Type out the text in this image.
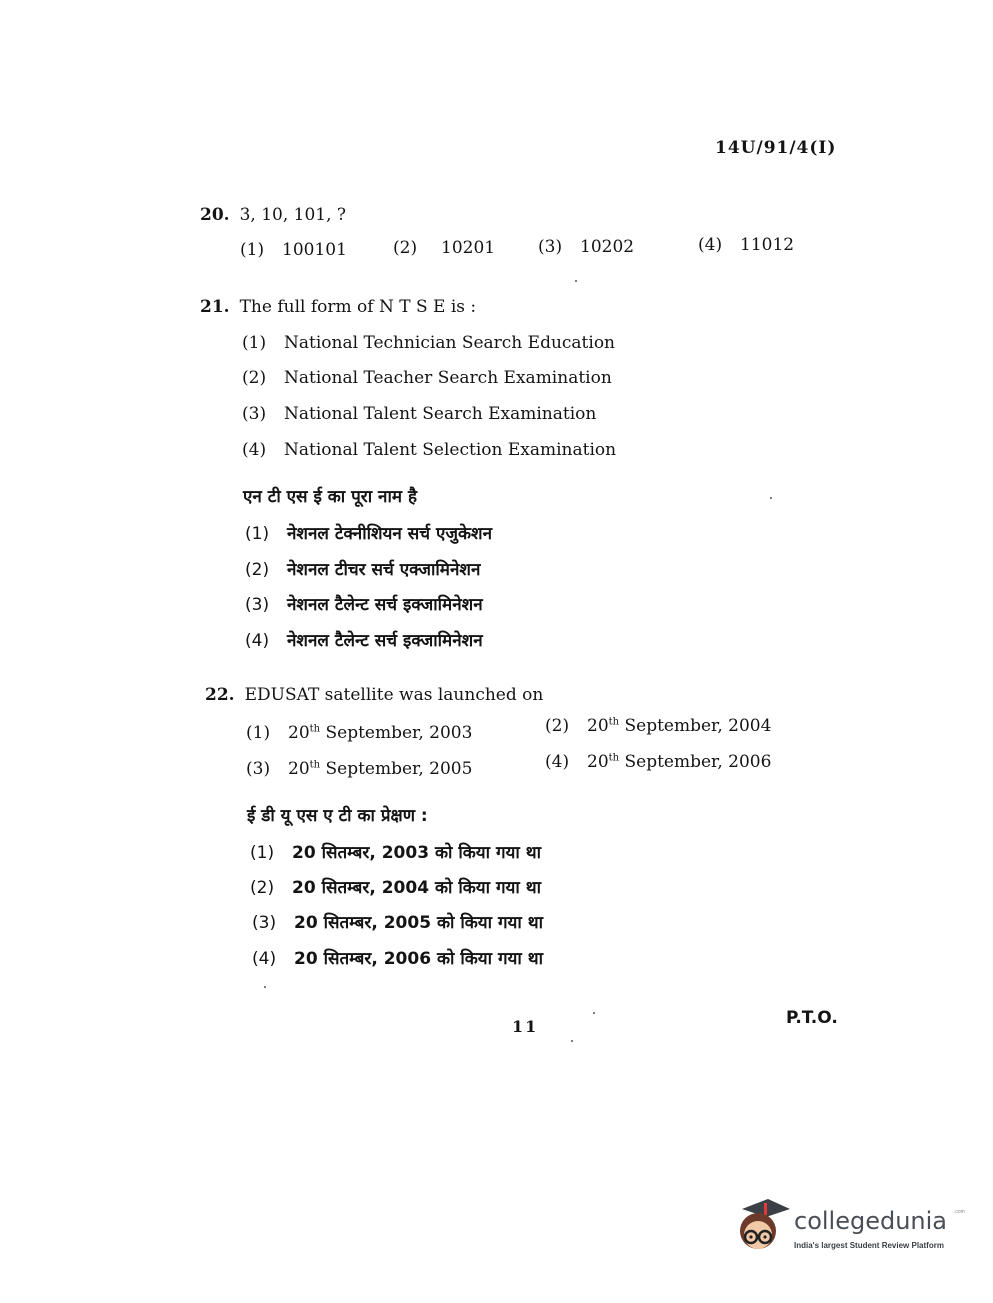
14U/91/4(I)
20. 3, 10, 101, ?
(1) 100101	(2) 10201	(3) 10202	(4) 11012
21. The full form of N T S E is :
(1) National Technician Search Education
(2) National Teacher Search Examination
(3) National Talent Search Examination
(4) National Talent Selection Examination
एन टी एस ई का पूरा नाम है
(1) नेशनल टेक्नीशियन सर्च एजुकेशन
(2) नेशनल टीचर सर्च एक्जामिनेशन
(3) नेशनल टैलेन्ट सर्च इक्जामिनेशन
(4) नेशनल टैलेन्ट सर्च इक्जामिनेशन
22. EDUSAT satellite was launched on
(1) 20th September, 2003	(2) 20th September, 2004
(3) 20th September, 2005	(4) 20th September, 2006
ई डी यू एस ए टी का प्रेक्षण :
(1) 20 सितम्बर, 2003 को किया गया था
(2) 20 सितम्बर, 2004 को किया गया था
(3) 20 सितम्बर, 2005 को किया गया था
(4) 20 सितम्बर, 2006 को किया गया था
11	P.T.O.
collegedunia .com
India's largest Student Review Platform
